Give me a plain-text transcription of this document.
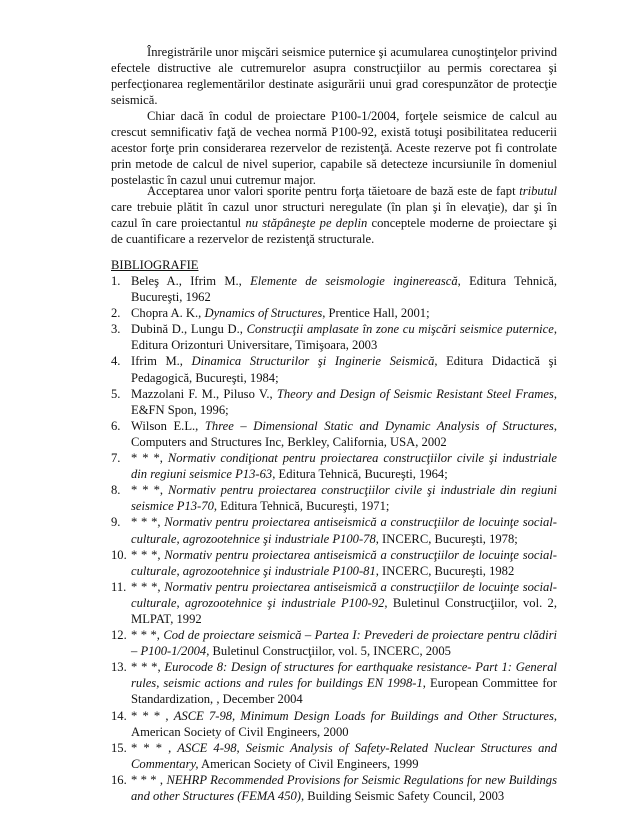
Înregistrările unor mişcări seismice puternice şi acumularea cunoştinţelor privind efectele distructive ale cutremurelor asupra construcţiilor au permis corectarea şi perfecţionarea reglementărilor destinate asigurării unui grad corespunzător de protecţie seismică.

Chiar dacă în codul de proiectare P100-1/2004, forţele seismice de calcul au crescut semnificativ faţă de vechea normă P100-92, există totuşi posibilitatea reducerii acestor forţe prin considerarea rezervelor de rezistenţă. Aceste rezerve pot fi controlate prin metode de calcul de nivel superior, capabile să detecteze incursiunile în domeniul postelastic în cazul unui cutremur major.

Acceptarea unor valori sporite pentru forţa tăietoare de bază este de fapt tributul care trebuie plătit în cazul unor structuri neregulate (în plan şi în elevaţie), dar şi în cazul în care proiectantul nu stăpâneşte pe deplin conceptele moderne de proiectare şi de cuantificare a rezervelor de rezistenţă structurale.

BIBLIOGRAFIE
1. Beleş A., Ifrim M., Elemente de seismologie inginerească, Editura Tehnică, Bucureşti, 1962
2. Chopra A. K., Dynamics of Structures, Prentice Hall, 2001;
3. Dubină D., Lungu D., Construcţii amplasate în zone cu mişcări seismice puternice, Editura Orizonturi Universitare, Timişoara, 2003
4. Ifrim M., Dinamica Structurilor şi Inginerie Seismică, Editura Didactică şi Pedagogică, Bucureşti, 1984;
5. Mazzolani F. M., Piluso V., Theory and Design of Seismic Resistant Steel Frames, E&FN Spon, 1996;
6. Wilson E.L., Three – Dimensional Static and Dynamic Analysis of Structures, Computers and Structures Inc, Berkley, California, USA, 2002
7. * * *, Normativ condiţionat pentru proiectarea construcţiilor civile şi industriale din regiuni seismice P13-63, Editura Tehnică, Bucureşti, 1964;
8. * * *, Normativ pentru proiectarea construcţiilor civile şi industriale din regiuni seismice P13-70, Editura Tehnică, Bucureşti, 1971;
9. * * *, Normativ pentru proiectarea antiseismică a construcţiilor de locuinţe social-culturale, agrozootehnice şi industriale P100-78, INCERC, Bucureşti, 1978;
10. * * *, Normativ pentru proiectarea antiseismică a construcţiilor de locuinţe social-culturale, agrozootehnice şi industriale P100-81, INCERC, Bucureşti, 1982
11. * * *, Normativ pentru proiectarea antiseismică a construcţiilor de locuinţe social-culturale, agrozootehnice şi industriale P100-92, Buletinul Construcţiilor, vol. 2, MLPAT, 1992
12. * * *, Cod de proiectare seismică – Partea I: Prevederi de proiectare pentru clădiri – P100-1/2004, Buletinul Construcţiilor, vol. 5, INCERC, 2005
13. * * *, Eurocode 8: Design of structures for earthquake resistance- Part 1: General rules, seismic actions and rules for buildings EN 1998-1, European Committee for Standardization, , December 2004
14. * * * , ASCE 7-98, Minimum Design Loads for Buildings and Other Structures, American Society of Civil Engineers, 2000
15. * * * , ASCE 4-98, Seismic Analysis of Safety-Related Nuclear Structures and Commentary, American Society of Civil Engineers, 1999
16. * * * , NEHRP Recommended Provisions for Seismic Regulations for new Buildings and other Structures (FEMA 450), Building Seismic Safety Council, 2003
